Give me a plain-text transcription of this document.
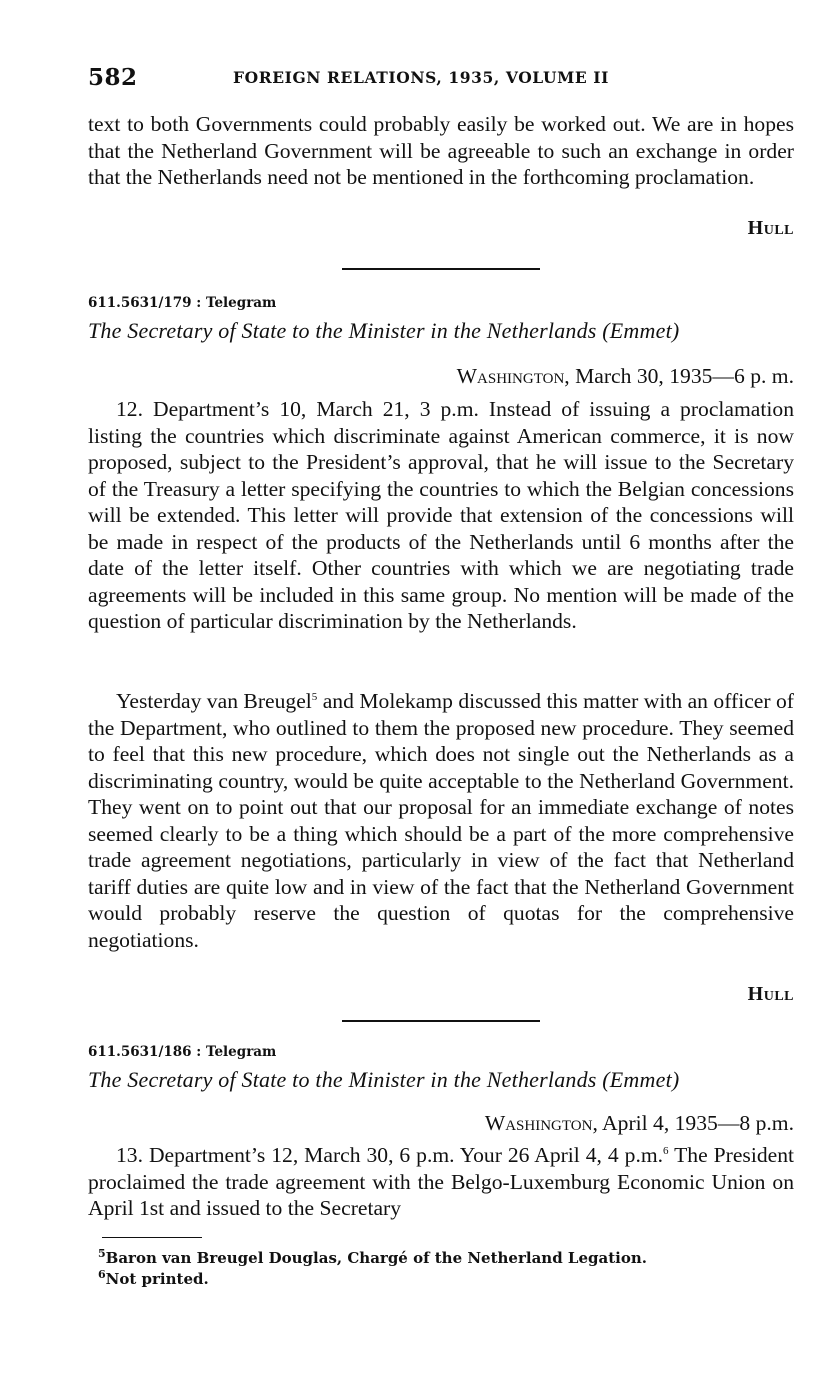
582	FOREIGN RELATIONS, 1935, VOLUME II

text to both Governments could probably easily be worked out. We are in hopes that the Netherland Government will be agreeable to such an exchange in order that the Netherlands need not be mentioned in the forthcoming proclamation.

Hull
611.5631/179 : Telegram
The Secretary of State to the Minister in the Netherlands (Emmet)
Washington, March 30, 1935—6 p. m.

12. Department’s 10, March 21, 3 p.m. Instead of issuing a proclamation listing the countries which discriminate against American commerce, it is now proposed, subject to the President’s approval, that he will issue to the Secretary of the Treasury a letter specifying the countries to which the Belgian concessions will be extended. This letter will provide that extension of the concessions will be made in respect of the products of the Netherlands until 6 months after the date of the letter itself. Other countries with which we are negotiating trade agreements will be included in this same group. No mention will be made of the question of particular discrimination by the Netherlands.

Yesterday van Breugel$^5$ and Molekamp discussed this matter with an officer of the Department, who outlined to them the proposed new procedure. They seemed to feel that this new procedure, which does not single out the Netherlands as a discriminating country, would be quite acceptable to the Netherland Government. They went on to point out that our proposal for an immediate exchange of notes seemed clearly to be a thing which should be a part of the more comprehensive trade agreement negotiations, particularly in view of the fact that Netherland tariff duties are quite low and in view of the fact that the Netherland Government would probably reserve the question of quotas for the comprehensive negotiations.

Hull
611.5631/186 : Telegram
The Secretary of State to the Minister in the Netherlands (Emmet)
Washington, April 4, 1935—8 p.m.

13. Department’s 12, March 30, 6 p.m. Your 26 April 4, 4 p.m.$^6$ The President proclaimed the trade agreement with the Belgo-Luxemburg Economic Union on April 1st and issued to the Secretary

$^5$Baron van Breugel Douglas, Chargé of the Netherland Legation.
$^6$Not printed.
